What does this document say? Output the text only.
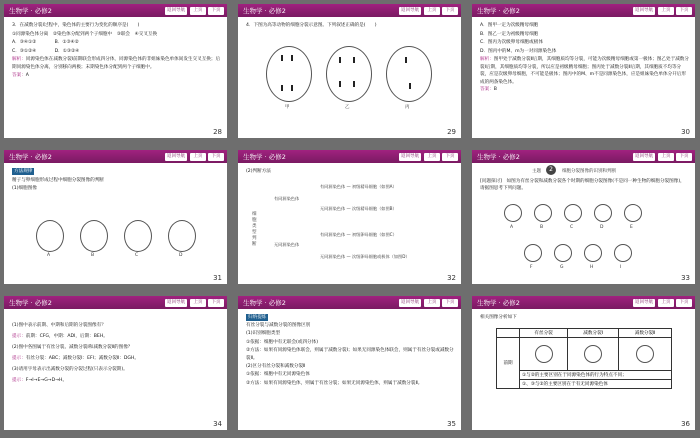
生物学 · 必修2	返回导航	上页	下页

3．在减数分裂Ⅰ过程中，染色体的主要行为变化的顺序是(　　)

①同源染色体分离　②染色体分配到两个子细胞中　③联会　④交叉互换

A．③④①②　　　　B．①③④②

C．③①②④　　　　D．①③②④

解析：同源染色体在减数分裂Ⅰ前期联会形成四分体，同源染色体的非姐妹染色单体间发生交叉互换；后期同源染色体分离，分别移向两极；末期染色体分配到两个子细胞中。

答案：A

28
生物学 · 必修2	返回导航	上页	下页

4．下图为高等动物的细胞分裂示意图。下列叙述正确的是(　　)

甲	乙	丙
29
生物学 · 必修2	返回导航	上页	下页

A．图甲一定为次级精母细胞

B．图乙一定为初级精母细胞

C．图丙为次级卵母细胞或极体

D．图丙中的M、m为一对同源染色体

解析：图甲处于减数分裂Ⅱ后期，其细胞质均等分裂，可能为次级精母细胞或第一极体；图乙处于减数分裂Ⅰ后期，其细胞质均等分裂，所以应是初级精母细胞；图丙处于减数分裂Ⅱ后期，其细胞质不均等分裂，应是次级卵母细胞，不可能是极体；图丙中的M、m不是同源染色体，应是姐妹染色单体分开后形成的两条染色体。

答案：B

30
生物学 · 必修2	返回导航	上页	下页
方法规律

精子与卵细胞形成过程中细胞分裂图像的判断

(1)细胞图像

A	B	C	D
31
生物学 · 必修2	返回导航	上页	下页

(2)判断方法

细胞类型判断
有同源染色体
无同源染色体
有同源染色体 — 初级精母细胞（如图A）
无同源染色体 — 次级精母细胞（如图B）
有同源染色体 — 初级卵母细胞（如图C）
无同源染色体 — 次级卵母细胞或极体（如图D）
32
生物学 · 必修2	返回导航	上页	下页
2
主题	细胞分裂图像的识别和判断

[问题探讨]　如图为有丝分裂和减数分裂各个时期的细胞分裂图像(不是同一种生物的细胞分裂图像)，请据图思考下列问题。

A	B	C	D	E
F	G	H	I
33
生物学 · 必修2	返回导航	上页	下页

(1)图中表示前期、中期和后期的分裂图像有？

提示：前期：CFG，中期：ADI，后期：BEH。

(2)图中各图属于有丝分裂、减数分裂Ⅰ和减数分裂Ⅱ的图像？

提示：有丝分裂：ABC；减数分裂Ⅰ：EFI；减数分裂Ⅱ：DGH。

(3)请用字母表示出减数分裂的分裂过程(只表示分裂期)。

提示：F→I→E→G→D→H。

34
生物学 · 必修2	返回导航	上页	下页
归纳提炼

有丝分裂与减数分裂的图像区别

(1)识别细胞类型

①依据：细胞中有无联会(或四分体)

②方法：如果有同源染色体联会，则属于减数分裂Ⅰ；如果无同源染色体联会，则属于有丝分裂或减数分裂Ⅱ。

(2)区分有丝分裂和减数分裂Ⅱ

①依据：细胞中有无同源染色体

②方法：如果有同源染色体，则属于有丝分裂；如果无同源染色体，则属于减数分裂Ⅱ。

35
生物学 · 必修2	返回导航	上页	下页

相关图像分析如下

	有丝分裂	减数分裂Ⅰ	减数分裂Ⅱ
前期	

	①与②的主要区别在于同源染色体的行为特点不同；		
	①、③与②的主要区别在于有无同源染色体		
36
